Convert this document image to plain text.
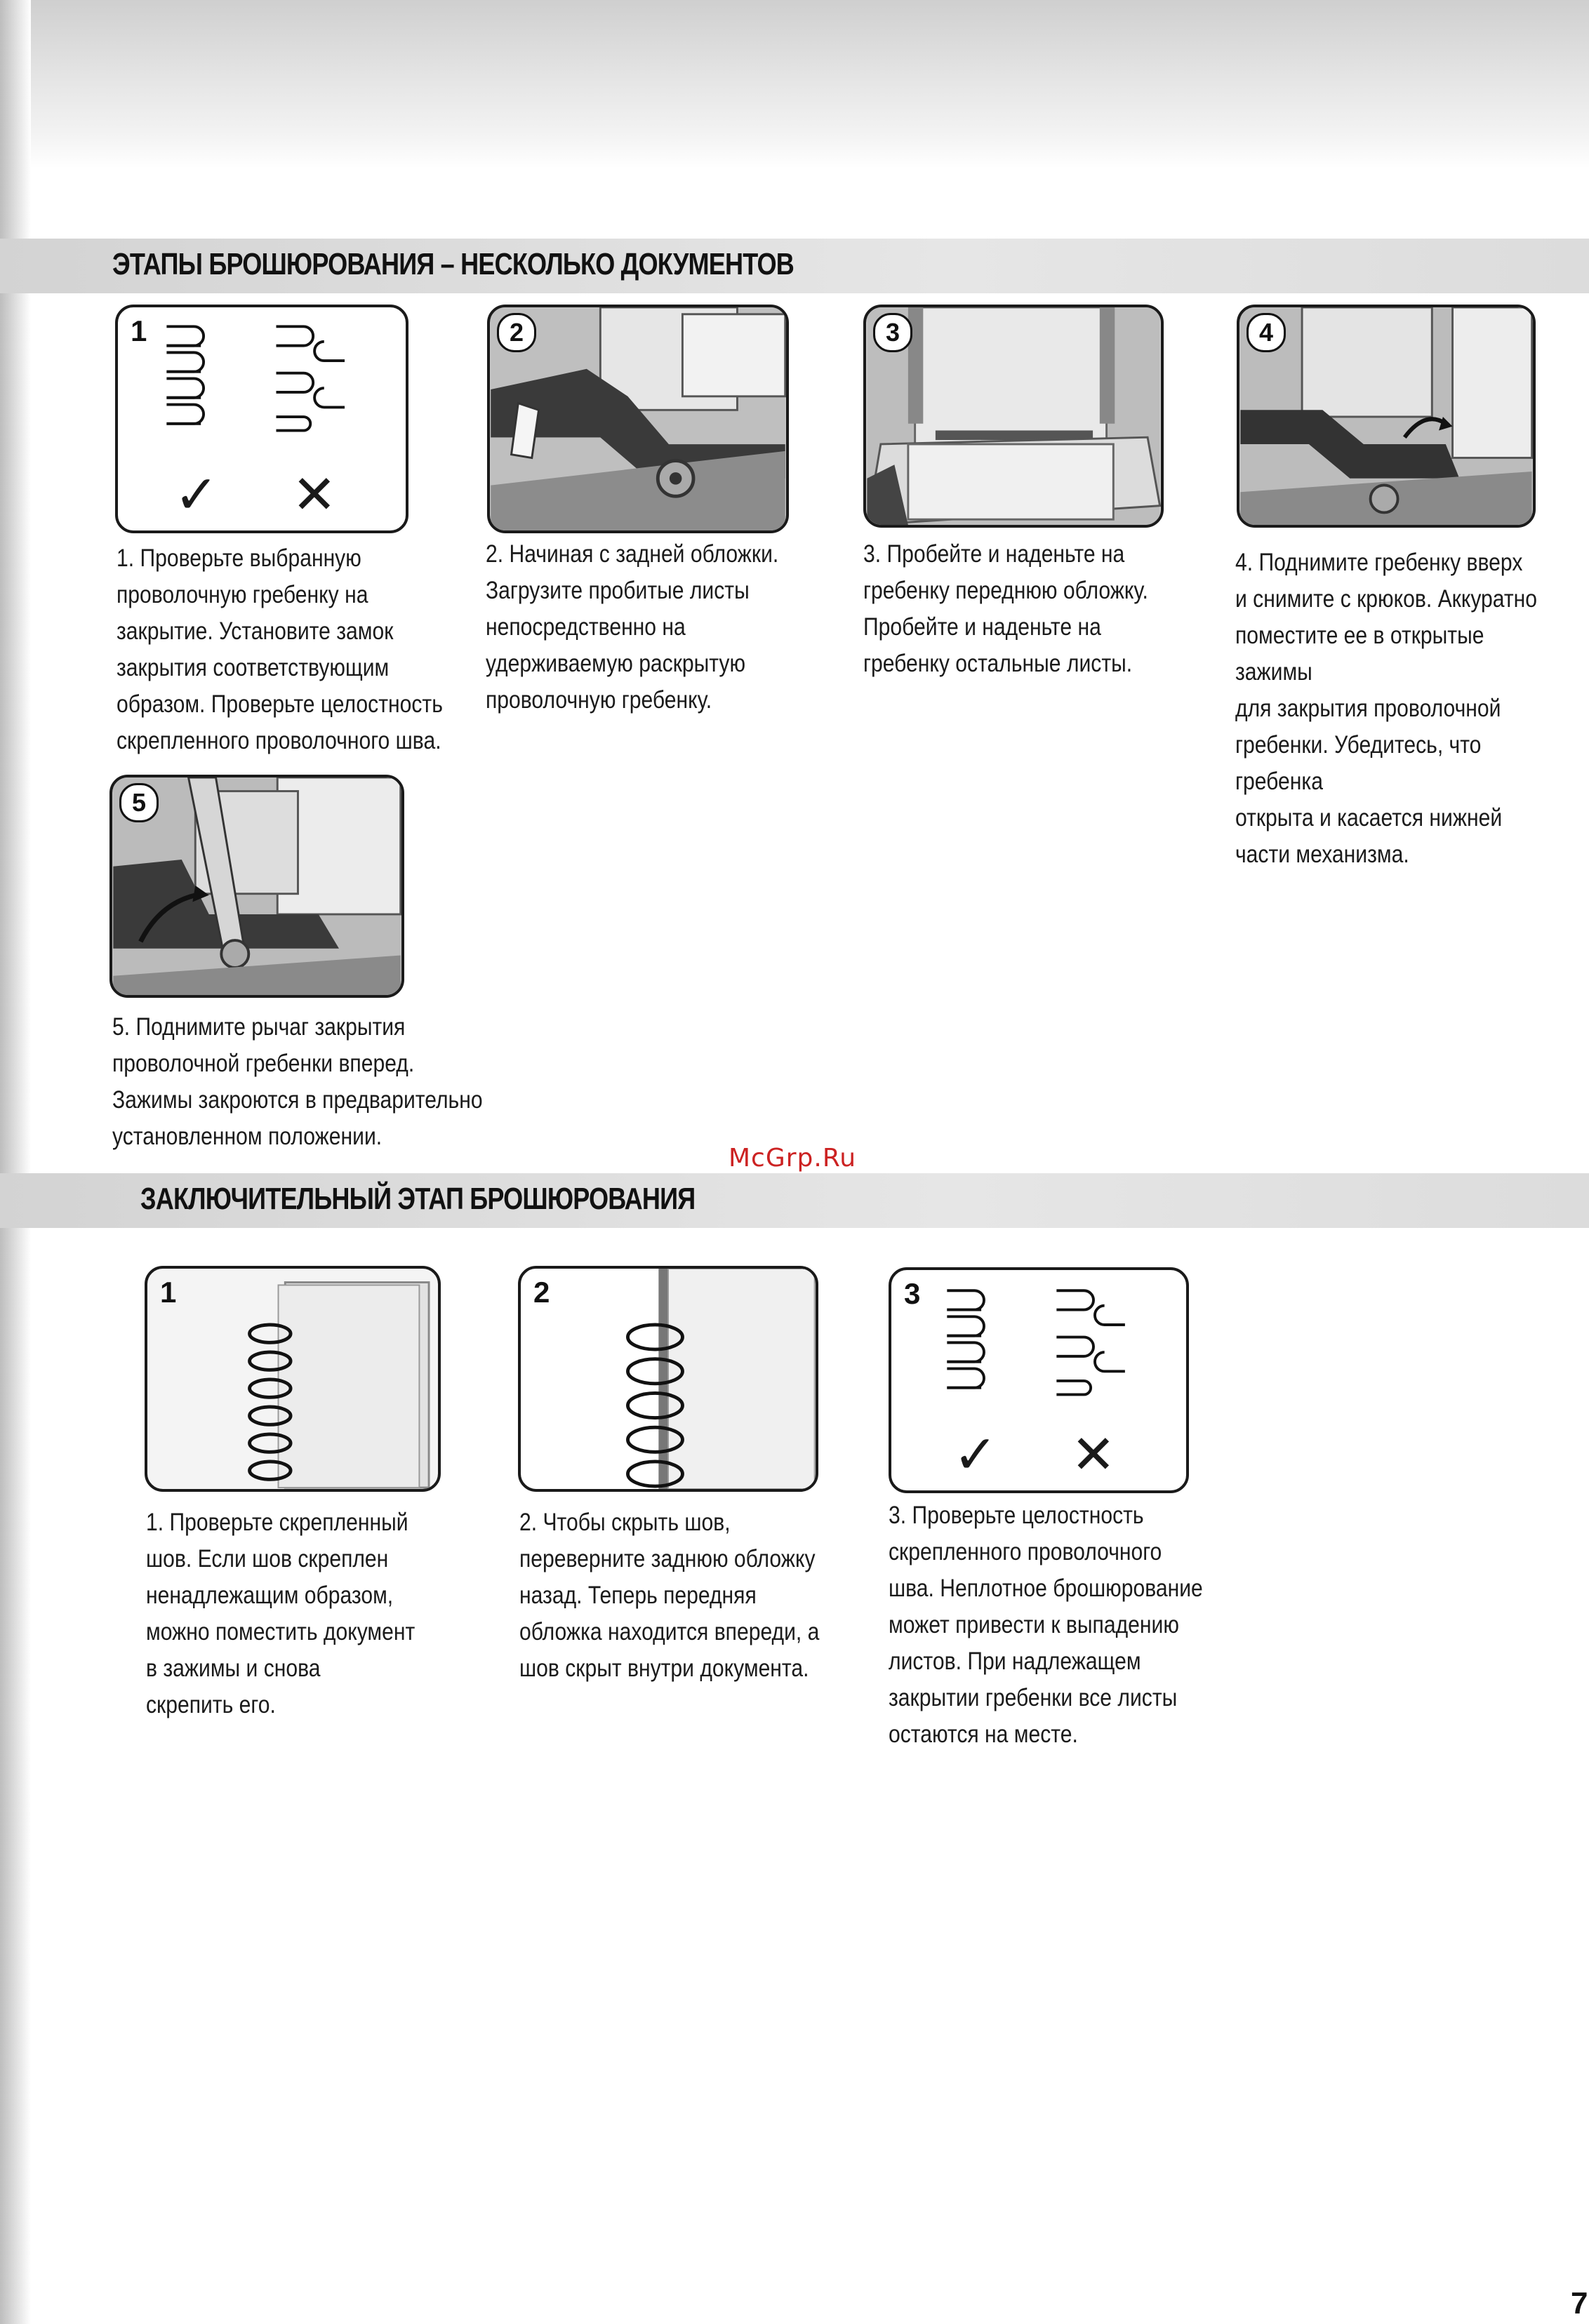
ЭТАПЫ БРОШЮРОВАНИЯ – НЕСКОЛЬКО ДОКУМЕНТОВ
1
✓ ✕
1. Проверьте выбранную
проволочную гребенку на
закрытие. Установите замок
закрытия соответствующим
образом. Проверьте целостность
скрепленного проволочного шва.
2
2. Начиная с задней обложки.
Загрузите пробитые листы
непосредственно на
удерживаемую раскрытую
проволочную гребенку.
3
3. Пробейте и наденьте на
гребенку переднюю обложку.
Пробейте и наденьте на
гребенку остальные листы.
4
4. Поднимите гребенку вверх
и снимите с крюков. Аккуратно
поместите ее в открытые зажимы
для закрытия проволочной
гребенки. Убедитесь, что гребенка
открыта и касается нижней
части механизма.
5
5. Поднимите рычаг закрытия
проволочной гребенки вперед.
Зажимы закроются в предварительно
установленном положении.
McGrp.Ru
ЗАКЛЮЧИТЕЛЬНЫЙ ЭТАП БРОШЮРОВАНИЯ
1
1. Проверьте скрепленный
шов. Если шов скреплен
ненадлежащим образом,
можно поместить документ
в зажимы и снова
скрепить его.
2
2. Чтобы скрыть шов,
переверните заднюю обложку
назад. Теперь передняя
обложка находится впереди, а
шов скрыт внутри документа.
3
✓ ✕
3. Проверьте целостность
скрепленного проволочного
шва. Неплотное брошюрование
может привести к выпадению
листов. При надлежащем
закрытии гребенки все листы
остаются на месте.
7
